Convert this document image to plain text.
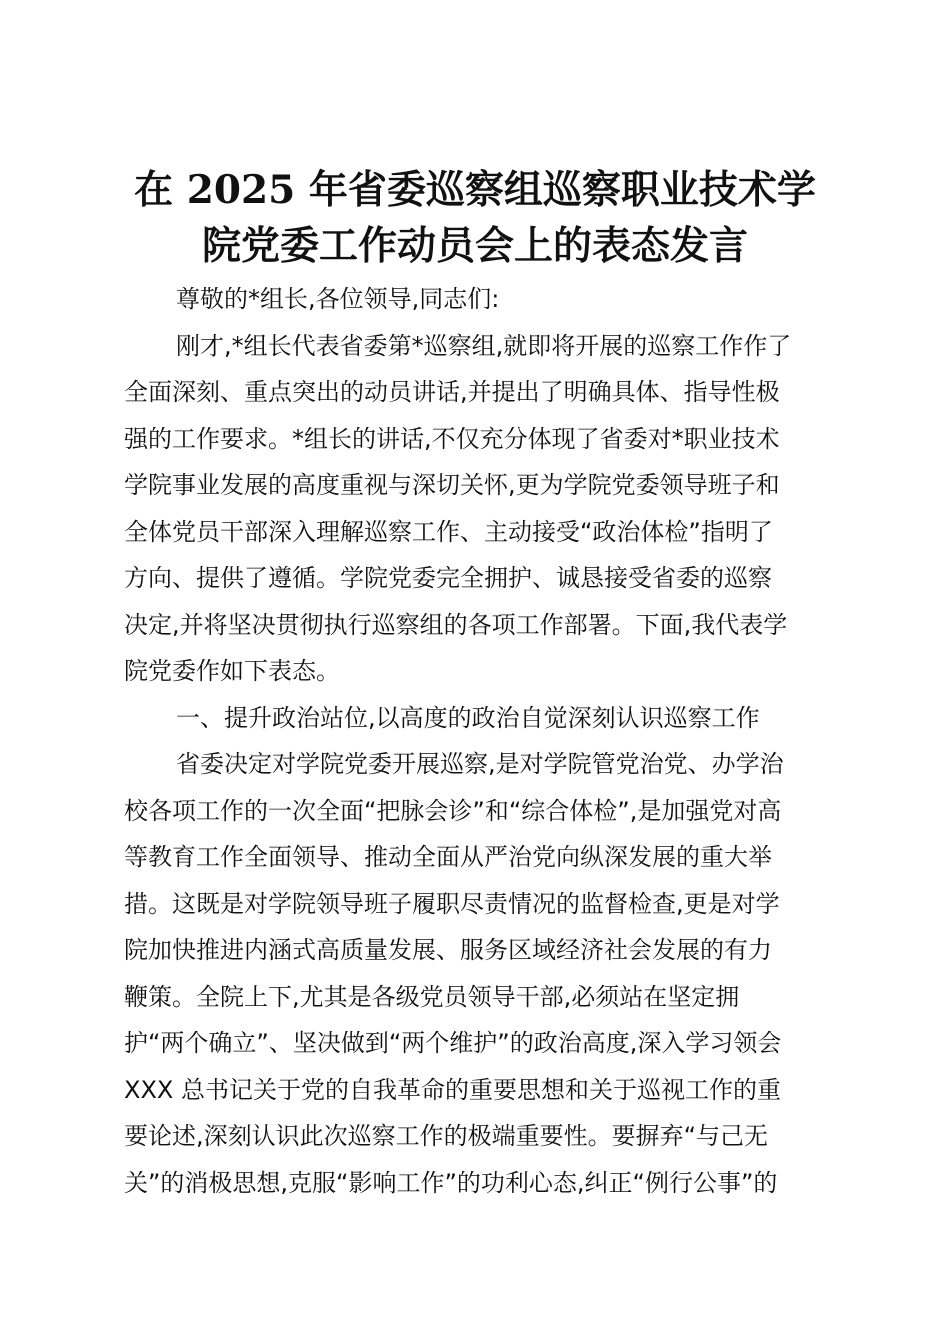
在 2025 年省委巡察组巡察职业技术学
院党委工作动员会上的表态发言
尊敬的*组长,各位领导,同志们:
刚才,*组长代表省委第*巡察组,就即将开展的巡察工作作了
全面深刻、重点突出的动员讲话,并提出了明确具体、指导性极
强的工作要求。*组长的讲话,不仅充分体现了省委对*职业技术
学院事业发展的高度重视与深切关怀,更为学院党委领导班子和
全体党员干部深入理解巡察工作、主动接受“政治体检”指明了
方向、提供了遵循。学院党委完全拥护、诚恳接受省委的巡察
决定,并将坚决贯彻执行巡察组的各项工作部署。下面,我代表学
院党委作如下表态。
一、提升政治站位,以高度的政治自觉深刻认识巡察工作
省委决定对学院党委开展巡察,是对学院管党治党、办学治
校各项工作的一次全面“把脉会诊”和“综合体检”,是加强党对高
等教育工作全面领导、推动全面从严治党向纵深发展的重大举
措。这既是对学院领导班子履职尽责情况的监督检查,更是对学
院加快推进内涵式高质量发展、服务区域经济社会发展的有力
鞭策。全院上下,尤其是各级党员领导干部,必须站在坚定拥
护“两个确立”、坚决做到“两个维护”的政治高度,深入学习领会
XXX 总书记关于党的自我革命的重要思想和关于巡视工作的重
要论述,深刻认识此次巡察工作的极端重要性。要摒弃“与己无
关”的消极思想,克服“影响工作”的功利心态,纠正“例行公事”的
